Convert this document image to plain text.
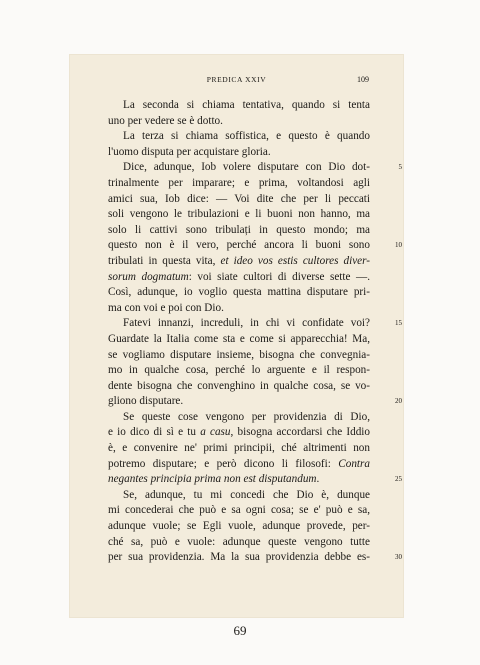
PREDICA XXIV	109
La seconda si chiama tentativa, quando si tenta
uno per vedere se è dotto.
La terza si chiama soffistica, e questo è quando
l'uomo disputa per acquistare gloria.
Dice, adunque, Iob volere disputare con Dio dot-	5
trinalmente per imparare; e prima, voltandosi agli
amici sua, Iob dice: — Voi dite che per li peccati
soli vengono le tribulazioni e li buoni non hanno, ma
solo li cattivi sono tribulați in questo mondo; ma
questo non è il vero, perché ancora li buoni sono	10
tribulati in questa vita, et ideo vos estis cultores diver-
sorum dogmatum: voi siate cultori di diverse sette —.
Così, adunque, io voglio questa mattina disputare pri-
ma con voi e poi con Dio.
Fatevi innanzi, increduli, in chi vi confidate voi?	15
Guardate la Italia come sta e come si apparecchia! Ma,
se vogliamo disputare insieme, bisogna che convegnia-
mo in qualche cosa, perché lo arguente e il respon-
dente bisogna che convenghino in qualche cosa, se vo-
gliono disputare.	20
Se queste cose vengono per providenzia di Dio,
e io dico di sì e tu a casu, bisogna accordarsi che Iddio
è, e convenire ne' primi principii, ché altrimenti non
potremo disputare; e però dicono li filosofi: Contra
negantes principia prima non est disputandum.	25
Se, adunque, tu mi concedi che Dio è, dunque
mi concederai che può e sa ogni cosa; se e' può e sa,
adunque vuole; se Egli vuole, adunque provede, per-
ché sa, può e vuole: adunque queste vengono tutte
per sua providenzia. Ma la sua providenzia debbe es-	30
69
